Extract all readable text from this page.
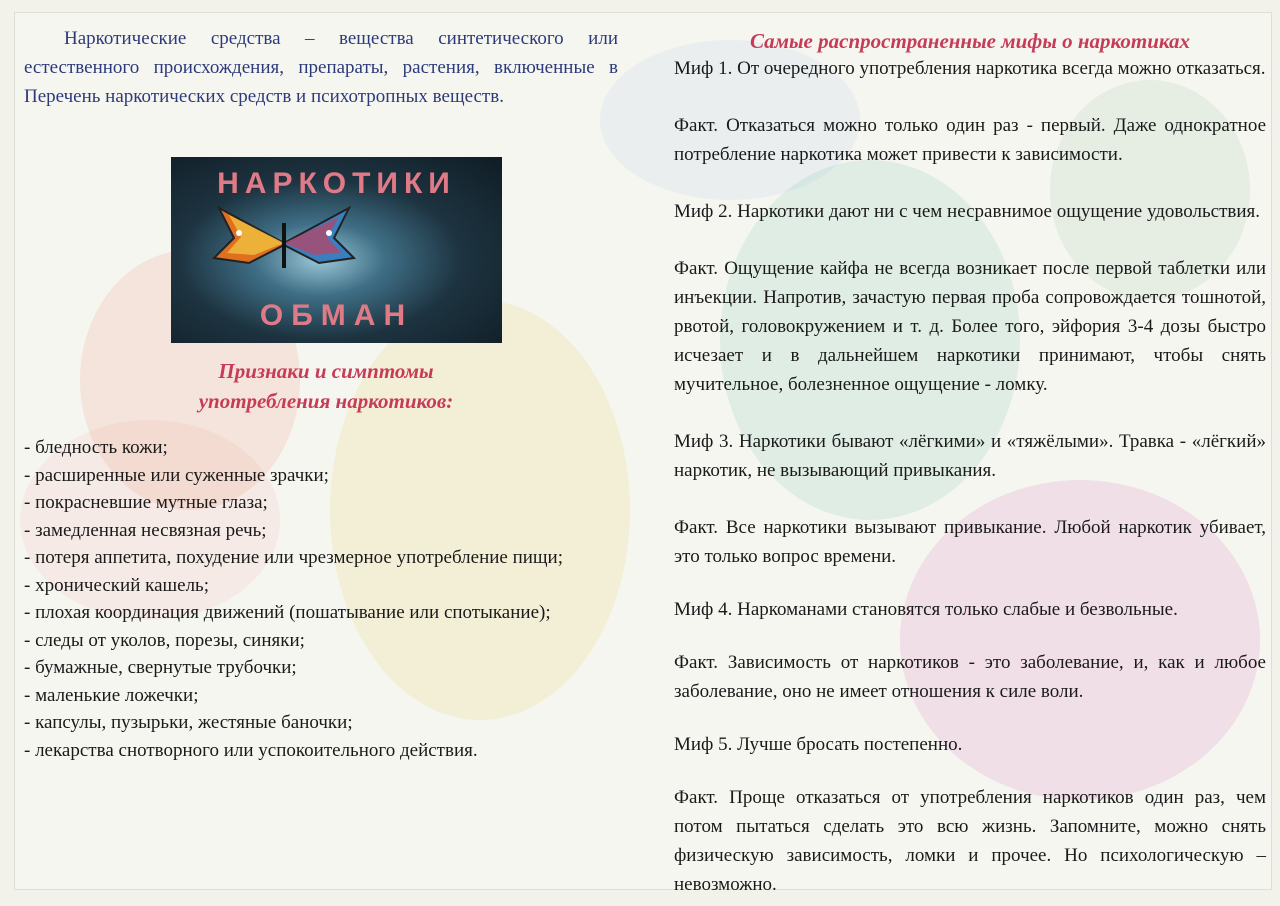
Наркотические средства – вещества синтетического или естественного происхождения, препараты, растения, включенные в Перечень наркотических средств и психотропных веществ.

НАРКОТИКИ
ОБМАН
Признаки и симптомы
употребления наркотиков:
- бледность кожи;
- расширенные или суженные зрачки;
- покрасневшие мутные глаза;
- замедленная несвязная речь;
- потеря аппетита, похудение или чрезмерное употребление пищи;
- хронический кашель;
- плохая координация движений (пошатывание или спотыкание);
- следы от уколов, порезы, синяки;
- бумажные, свернутые трубочки;
- маленькие ложечки;
- капсулы, пузырьки, жестяные баночки;
- лекарства снотворного или успокоительного действия.
Самые распространенные мифы о наркотиках

Миф 1. От очередного употребления наркотика всегда можно отказаться.

Факт. Отказаться можно только один раз - первый. Даже однократное потребление наркотика может привести к зависимости.

Миф 2. Наркотики дают ни с чем несравнимое ощущение удовольствия.

Факт. Ощущение кайфа не всегда возникает после первой таблетки или инъекции. Напротив, зачастую первая проба сопровождается тошнотой, рвотой, головокружением и т. д. Более того, эйфория 3-4 дозы быстро исчезает и в дальнейшем наркотики принимают, чтобы снять мучительное, болезненное ощущение - ломку.

Миф 3. Наркотики бывают «лёгкими» и «тяжёлыми». Травка - «лёгкий» наркотик, не вызывающий привыкания.

Факт. Все наркотики вызывают привыкание. Любой наркотик убивает, это только вопрос времени.

Миф 4. Наркоманами становятся только слабые и безвольные.

Факт. Зависимость от наркотиков - это заболевание, и, как и любое заболевание, оно не имеет отношения к силе воли.

Миф 5. Лучше бросать постепенно.

Факт. Проще отказаться от употребления наркотиков один раз, чем потом пытаться сделать это всю жизнь. Запомните, можно снять физическую зависимость, ломки и прочее. Но психологическую – невозможно.
